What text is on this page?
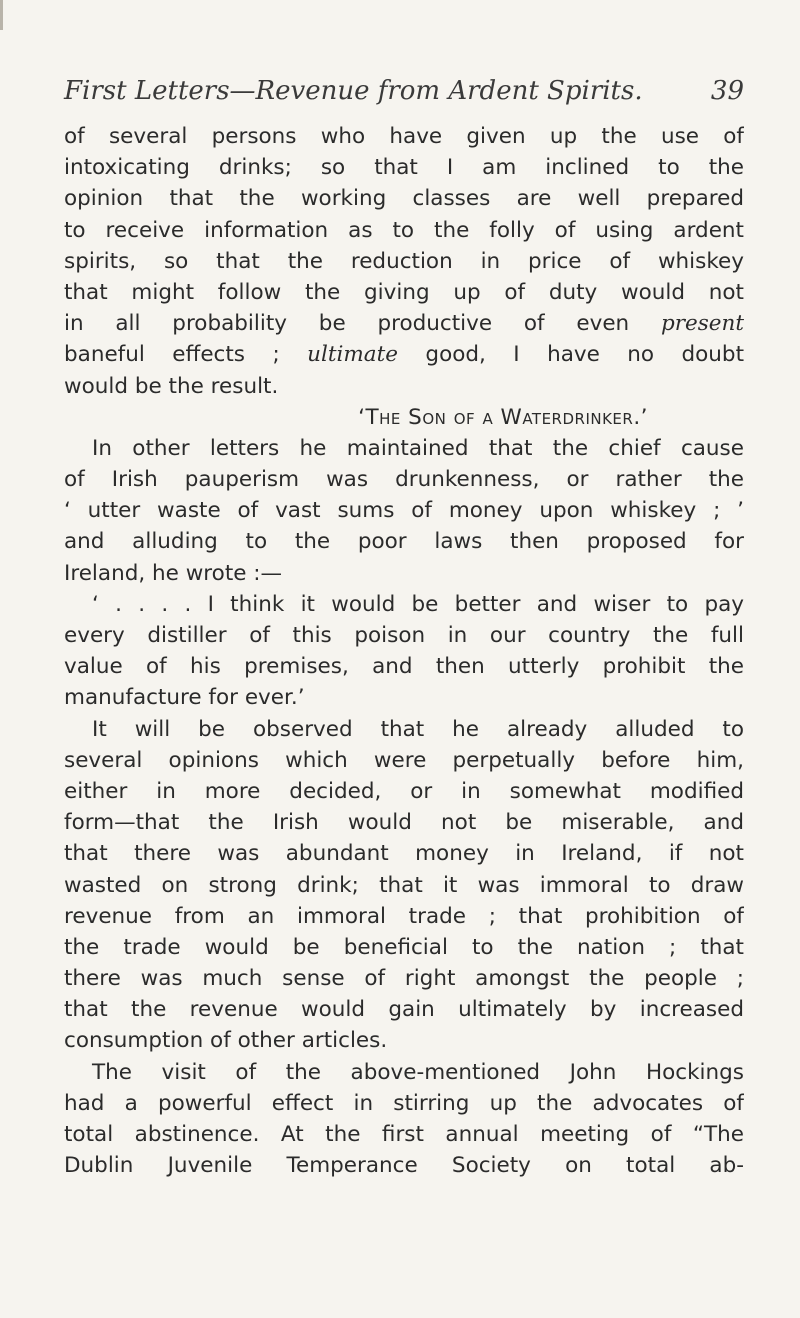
First Letters—Revenue from Ardent Spirits.	39
of several persons who have given up the use of
intoxicating drinks; so that I am inclined to the
opinion that the working classes are well prepared
to receive information as to the folly of using ardent
spirits, so that the reduction in price of whiskey
that might follow the giving up of duty would not
in all probability be productive of even present
baneful effects ; ultimate good, I have no doubt
would be the result.
‘The Son of a Waterdrinker.’
In other letters he maintained that the chief cause
of Irish pauperism was drunkenness, or rather the
‘ utter waste of vast sums of money upon whiskey ; ’
and alluding to the poor laws then proposed for
Ireland, he wrote :—
‘ . . . . I think it would be better and wiser to pay
every distiller of this poison in our country the full
value of his premises, and then utterly prohibit the
manufacture for ever.’
It will be observed that he already alluded to
several opinions which were perpetually before him,
either in more decided, or in somewhat modified
form—that the Irish would not be miserable, and
that there was abundant money in Ireland, if not
wasted on strong drink; that it was immoral to draw
revenue from an immoral trade ; that prohibition of
the trade would be beneficial to the nation ; that
there was much sense of right amongst the people ;
that the revenue would gain ultimately by increased
consumption of other articles.
The visit of the above-mentioned John Hockings
had a powerful effect in stirring up the advocates of
total abstinence. At the first annual meeting of “The
Dublin Juvenile Temperance Society on total ab-
